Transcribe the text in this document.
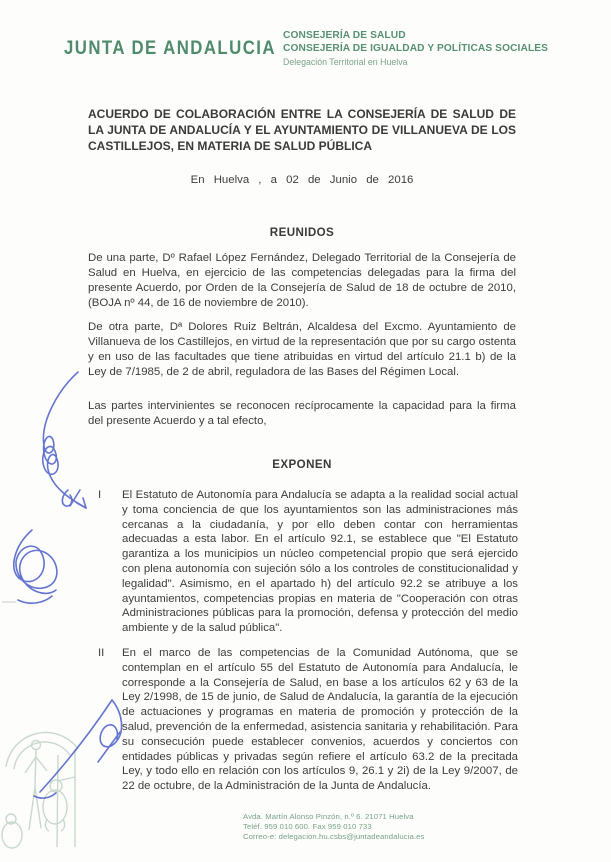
JUNTA DE ANDALUCIA
CONSEJERÍA DE SALUD
CONSEJERÍA DE IGUALDAD Y POLÍTICAS SOCIALES
Delegación Territorial en Huelva
ACUERDO DE COLABORACIÓN ENTRE LA CONSEJERÍA DE SALUD DE LA JUNTA DE ANDALUCÍA Y EL AYUNTAMIENTO DE VILLANUEVA DE LOS CASTILLEJOS, EN MATERIA DE SALUD PÚBLICA
En Huelva , a 02 de Junio de 2016
REUNIDOS
De una parte, Dº Rafael López Fernández, Delegado Territorial de la Consejería de Salud en Huelva, en ejercicio de las competencias delegadas para la firma del presente Acuerdo, por Orden de la Consejería de Salud de 18 de octubre de 2010, (BOJA nº 44, de 16 de noviembre de 2010).
De otra parte, Dª Dolores Ruiz Beltrán, Alcaldesa del Excmo. Ayuntamiento de Villanueva de los Castillejos, en virtud de la representación que por su cargo ostenta y en uso de las facultades que tiene atribuidas en virtud del artículo 21.1 b) de la Ley de 7/1985, de 2 de abril, reguladora de las Bases del Régimen Local.
Las partes intervinientes se reconocen recíprocamente la capacidad para la firma del presente Acuerdo y a tal efecto,
EXPONEN
I	El Estatuto de Autonomía para Andalucía se adapta a la realidad social actual y toma conciencia de que los ayuntamientos son las administraciones más cercanas a la ciudadanía, y por ello deben contar con herramientas adecuadas a esta labor. En el artículo 92.1, se establece que "El Estatuto garantiza a los municipios un núcleo competencial propio que será ejercido con plena autonomía con sujeción sólo a los controles de constitucionalidad y legalidad". Asimismo, en el apartado h) del artículo 92.2 se atribuye a los ayuntamientos, competencias propias en materia de "Cooperación con otras Administraciones públicas para la promoción, defensa y protección del medio ambiente y de la salud pública".
II	En el marco de las competencias de la Comunidad Autónoma, que se contemplan en el artículo 55 del Estatuto de Autonomía para Andalucía, le corresponde a la Consejería de Salud, en base a los artículos 62 y 63 de la Ley 2/1998, de 15 de junio, de Salud de Andalucía, la garantía de la ejecución de actuaciones y programas en materia de promoción y protección de la salud, prevención de la enfermedad, asistencia sanitaria y rehabilitación. Para su consecución puede establecer convenios, acuerdos y conciertos con entidades públicas y privadas según refiere el artículo 63.2 de la precitada Ley, y todo ello en relación con los artículos 9, 26.1 y 2i) de la Ley 9/2007, de 22 de octubre, de la Administración de la Junta de Andalucía.
Avda. Martín Alonso Pinzón, n.º 6. 21071 Huelva
Teléf. 959 010 600. Fax 959 010 733
Correo-e: delegacion.hu.csbs@juntadeandalucia.es
